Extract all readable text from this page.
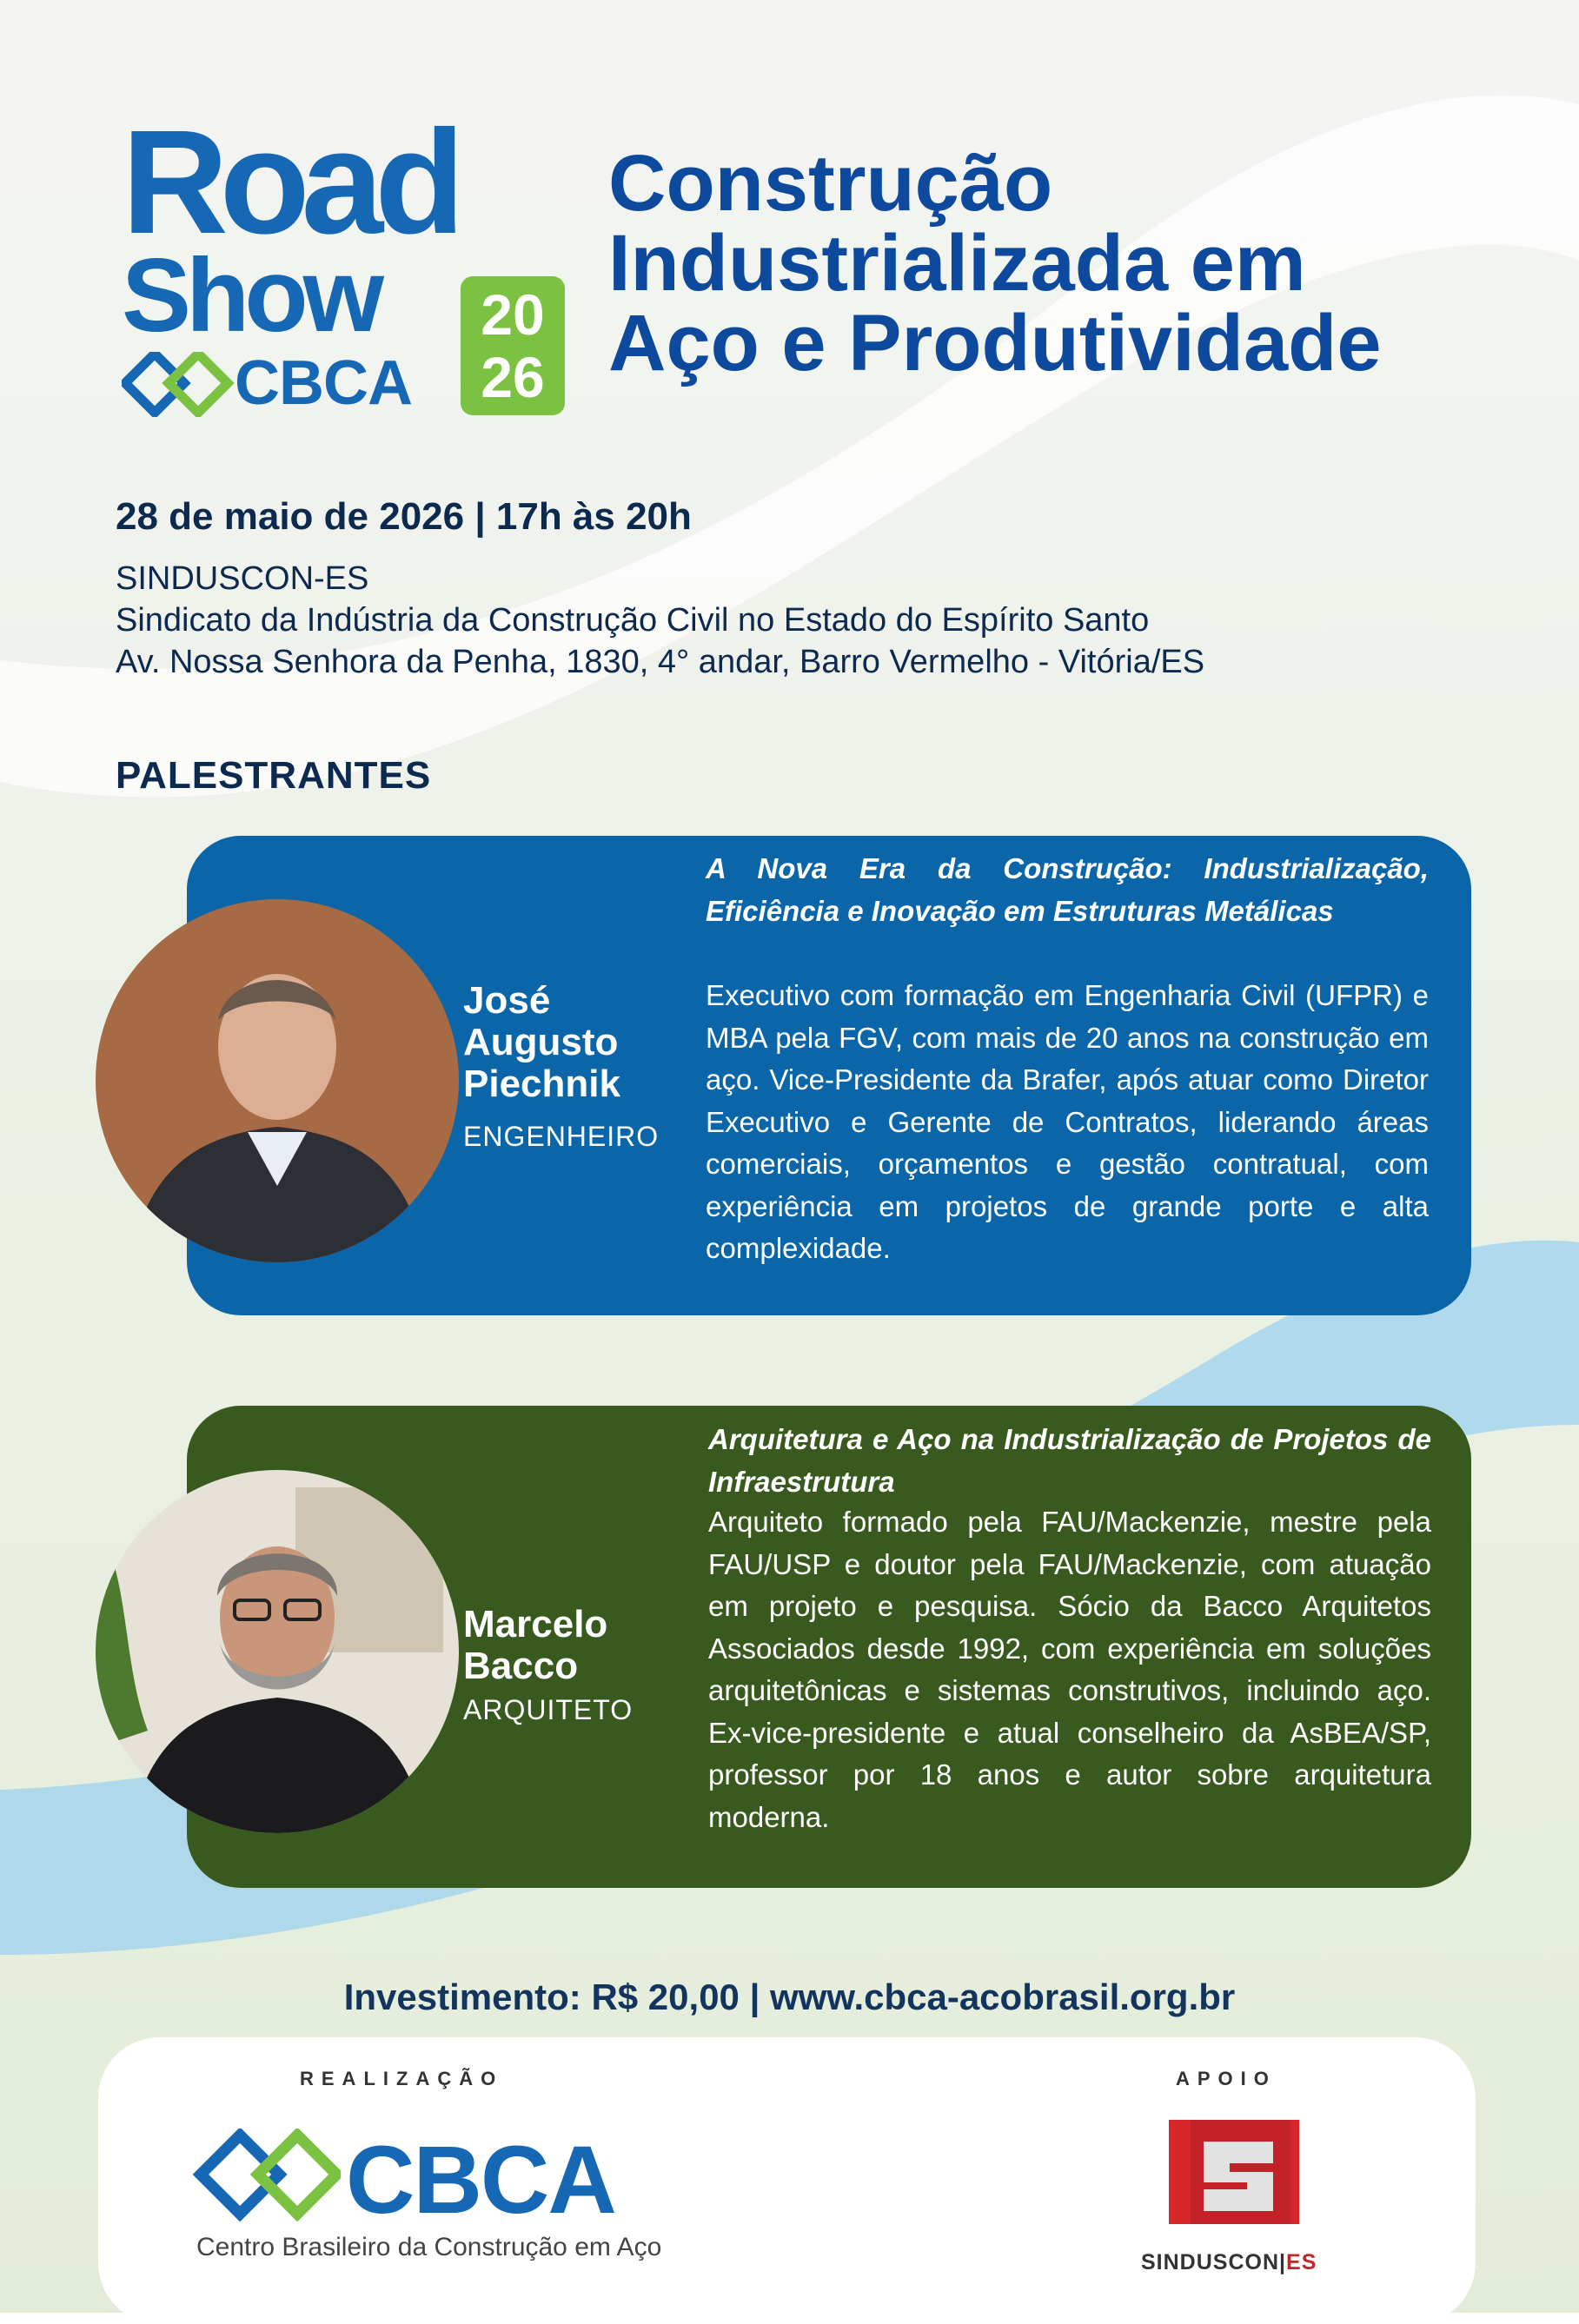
Road
Show
CBCA
20
26
Construção
Industrializada em
Aço e Produtividade
28 de maio de 2026 | 17h às 20h
SINDUSCON-ES
Sindicato da Indústria da Construção Civil no Estado do Espírito Santo
Av. Nossa Senhora da Penha, 1830, 4° andar, Barro Vermelho - Vitória/ES
PALESTRANTES
José
Augusto
Piechnik
ENGENHEIRO
A Nova Era da Construção: Industrialização, Eficiência e Inovação em Estruturas Metálicas
Executivo com formação em Engenharia Civil (UFPR) e MBA pela FGV, com mais de 20 anos na construção em aço. Vice-Presidente da Brafer, após atuar como Diretor Executivo e Gerente de Contratos, liderando áreas comerciais, orçamentos e gestão contratual, com experiência em projetos de grande porte e alta complexidade.
Marcelo
Bacco
ARQUITETO
Arquitetura e Aço na Industrialização de Projetos de Infraestrutura
Arquiteto formado pela FAU/Mackenzie, mestre pela FAU/USP e doutor pela FAU/Mackenzie, com atuação em projeto e pesquisa. Sócio da Bacco Arquitetos Associados desde 1992, com experiência em soluções arquitetônicas e sistemas construtivos, incluindo aço. Ex-vice-presidente e atual conselheiro da AsBEA/SP, professor por 18 anos e autor sobre arquitetura moderna.
Investimento: R$ 20,00 | www.cbca-acobrasil.org.br
REALIZAÇÃO
CBCA
Centro Brasileiro da Construção em Aço
APOIO
SINDUSCON|ES
